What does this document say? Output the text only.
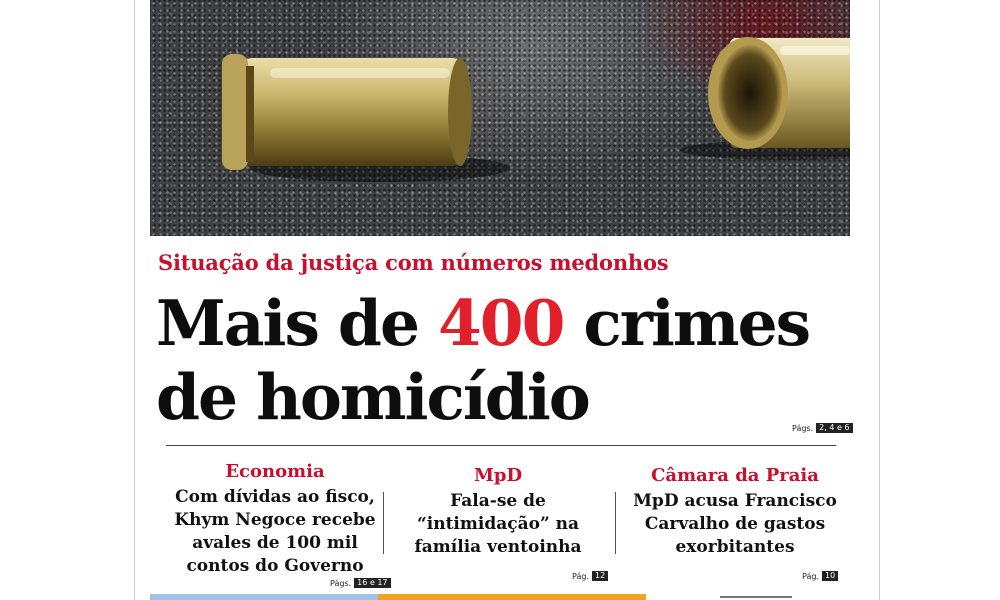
Situação da justiça com números medonhos
Mais de 400 crimes de homicídio	Págs. 2, 4 e 6
Economia
Com dívidas ao fisco, Khym Negoce recebe avales de 100 mil contos do Governo
Págs. 16 e 17
MpD
Fala-se de “intimidação” na família ventoinha
Pág. 12
Câmara da Praia
MpD acusa Francisco Carvalho de gastos exorbitantes
Pág. 10
